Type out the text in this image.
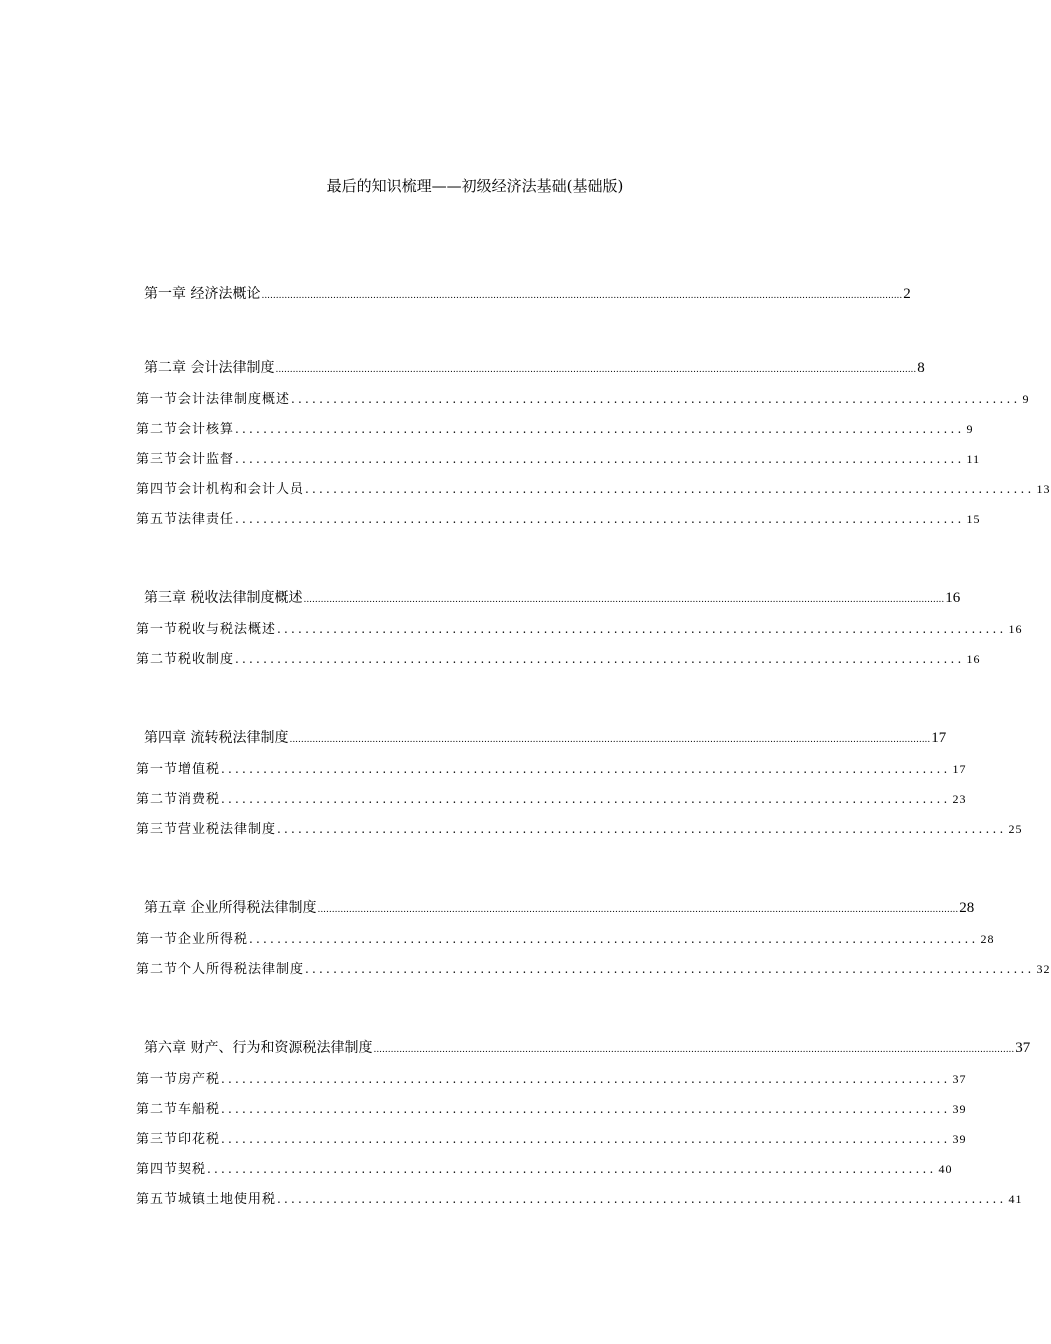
最后的知识梳理——初级经济法基础(基础版)
第一章 经济法概论 ................................................................................................................................................................................................................................ 2
第二章 会计法律制度 ................................................................................................................................................................................................................................ 8
第一节会计法律制度概述 ........................................................................................................ 9
第二节会计核算 ........................................................................................................ 9
第三节会计监督 ........................................................................................................ 11
第四节会计机构和会计人员 ........................................................................................................ 13
第五节法律责任 ........................................................................................................ 15
第三章 税收法律制度概述 ................................................................................................................................................................................................................................ 16
第一节税收与税法概述 ........................................................................................................ 16
第二节税收制度 ........................................................................................................ 16
第四章 流转税法律制度 ................................................................................................................................................................................................................................ 17
第一节增值税 ........................................................................................................ 17
第二节消费税 ........................................................................................................ 23
第三节营业税法律制度 ........................................................................................................ 25
第五章 企业所得税法律制度 ................................................................................................................................................................................................................................ 28
第一节企业所得税 ........................................................................................................ 28
第二节个人所得税法律制度 ........................................................................................................ 32
第六章 财产、行为和资源税法律制度 ................................................................................................................................................................................................................................ 37
第一节房产税 ........................................................................................................ 37
第二节车船税 ........................................................................................................ 39
第三节印花税 ........................................................................................................ 39
第四节契税 ........................................................................................................ 40
第五节城镇土地使用税 ........................................................................................................ 41
